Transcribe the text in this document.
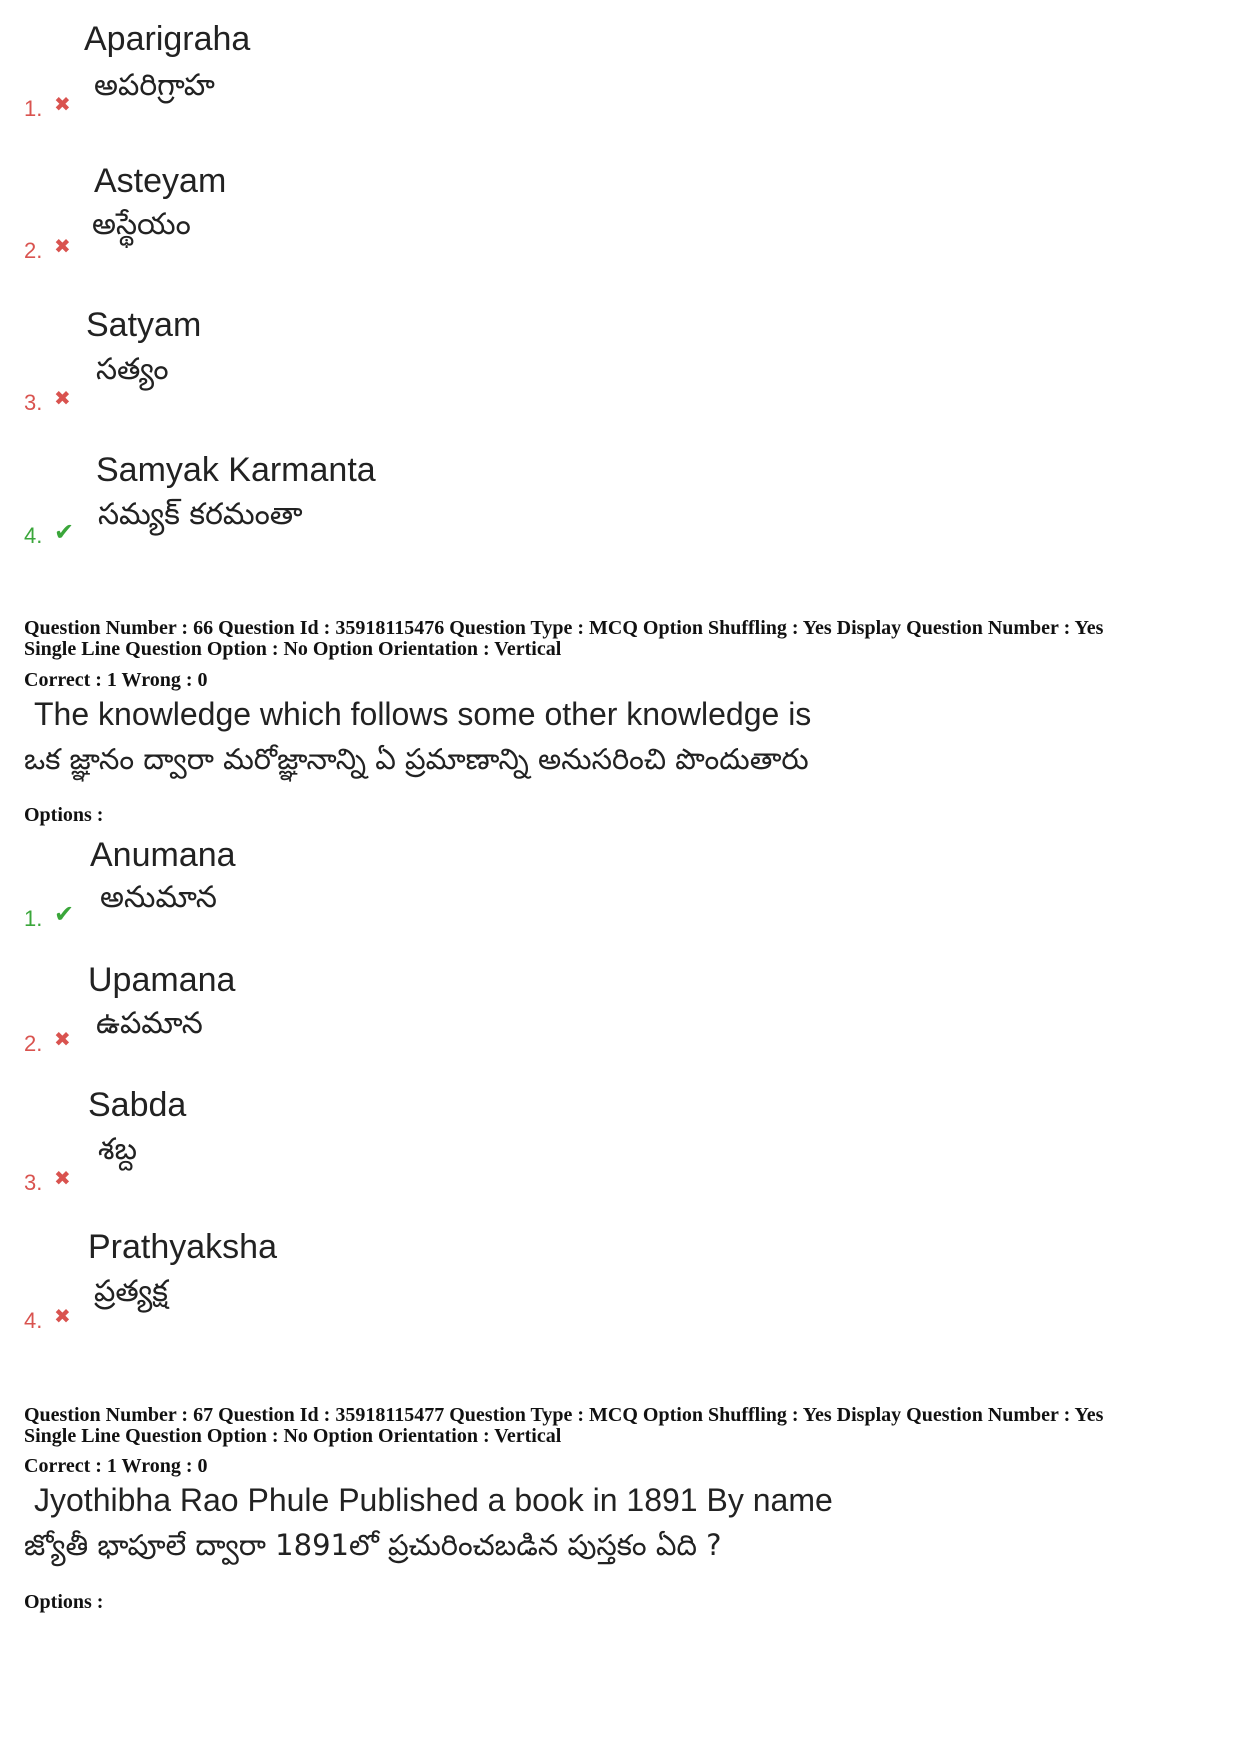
Aparigraha
అపరిగ్రాహ
1. ✖
Asteyam
అస్థేయం
2. ✖
Satyam
సత్యం
3. ✖
Samyak Karmanta
సమ్యక్ కరమంతా
4. ✔
Question Number : 66 Question Id : 35918115476 Question Type : MCQ Option Shuffling : Yes Display Question Number : Yes
Single Line Question Option : No Option Orientation : Vertical
Correct : 1 Wrong : 0
The knowledge which follows some other knowledge is
ఒక జ్ఞానం ద్వారా మరోజ్ఞానాన్ని ఏ ప్రమాణాన్ని అనుసరించి పొందుతారు
Options :
Anumana
అనుమాన
1. ✔
Upamana
ఉపమాన
2. ✖
Sabda
శబ్ద
3. ✖
Prathyaksha
ప్రత్యక్ష
4. ✖
Question Number : 67 Question Id : 35918115477 Question Type : MCQ Option Shuffling : Yes Display Question Number : Yes
Single Line Question Option : No Option Orientation : Vertical
Correct : 1 Wrong : 0
Jyothibha Rao Phule Published a book in 1891 By name
జ్యోతీ భాపూలే ద్వారా 1891లో ప్రచురించబడిన పుస్తకం ఏది ?
Options :
